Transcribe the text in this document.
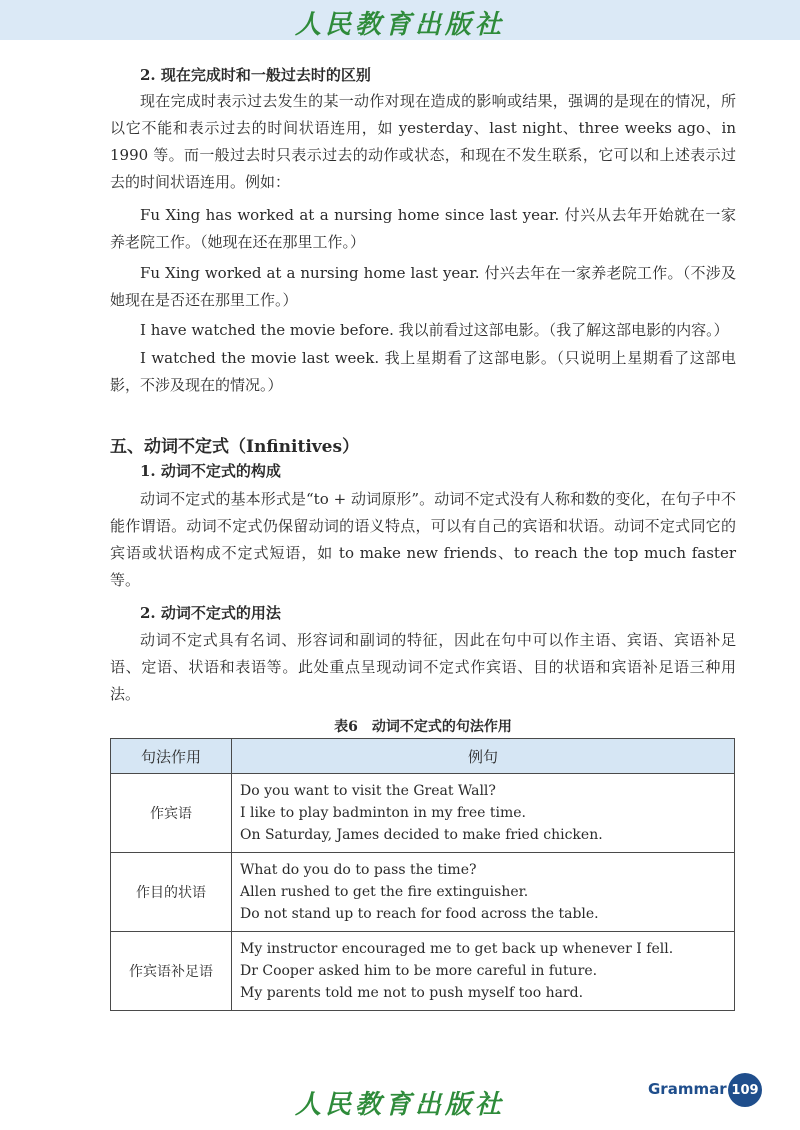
人民教育出版社
2. 现在完成时和一般过去时的区别
现在完成时表示过去发生的某一动作对现在造成的影响或结果，强调的是现在的情况，所以它不能和表示过去的时间状语连用，如 yesterday、last night、three weeks ago、in 1990 等。而一般过去时只表示过去的动作或状态，和现在不发生联系，它可以和上述表示过去的时间状语连用。例如：
Fu Xing has worked at a nursing home since last year. 付兴从去年开始就在一家养老院工作。（她现在还在那里工作。）
Fu Xing worked at a nursing home last year. 付兴去年在一家养老院工作。（不涉及她现在是否还在那里工作。）
I have watched the movie before. 我以前看过这部电影。（我了解这部电影的内容。）
I watched the movie last week. 我上星期看了这部电影。（只说明上星期看了这部电影，不涉及现在的情况。）
五、动词不定式（Infinitives）
1. 动词不定式的构成
动词不定式的基本形式是“to + 动词原形”。动词不定式没有人称和数的变化，在句子中不能作谓语。动词不定式仍保留动词的语义特点，可以有自己的宾语和状语。动词不定式同它的宾语或状语构成不定式短语，如 to make new friends、to reach the top much faster 等。
2. 动词不定式的用法
动词不定式具有名词、形容词和副词的特征，因此在句中可以作主语、宾语、宾语补足语、定语、状语和表语等。此处重点呈现动词不定式作宾语、目的状语和宾语补足语三种用法。
表6　动词不定式的句法作用
句法作用	例句
作宾语	Do you want to visit the Great Wall?
I like to play badminton in my free time.
On Saturday, James decided to make fried chicken.

作目的状语	What do you do to pass the time?
Allen rushed to get the fire extinguisher.
Do not stand up to reach for food across the table.

作宾语补足语	My instructor encouraged me to get back up whenever I fell.
Dr Cooper asked him to be more careful in future.
My parents told me not to push myself too hard.
Grammar 109
人民教育出版社
